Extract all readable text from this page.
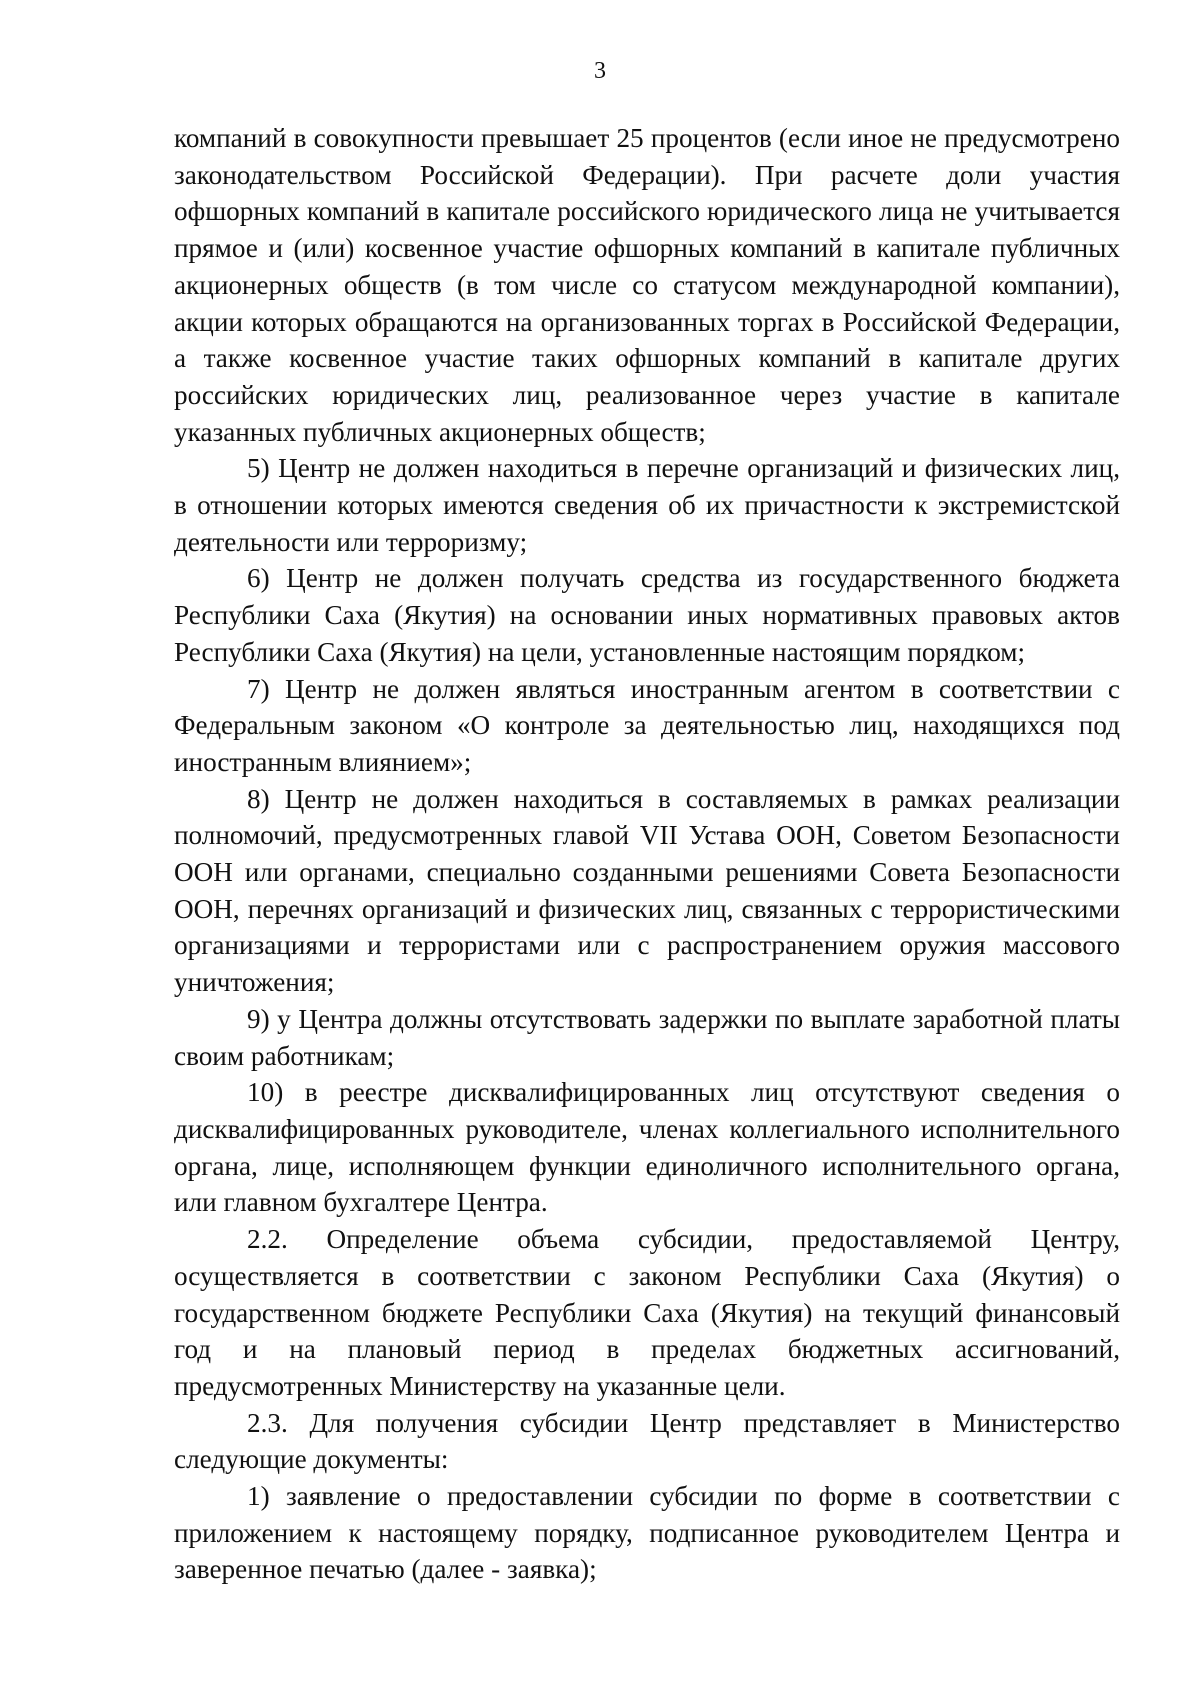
3

компаний в совокупности превышает 25 процентов (если иное не предусмотрено законодательством Российской Федерации). При расчете доли участия офшорных компаний в капитале российского юридического лица не учитывается прямое и (или) косвенное участие офшорных компаний в капитале публичных акционерных обществ (в том числе со статусом международной компании), акции которых обращаются на организованных торгах в Российской Федерации, а также косвенное участие таких офшорных компаний в капитале других российских юридических лиц, реализованное через участие в капитале указанных публичных акционерных обществ;

5) Центр не должен находиться в перечне организаций и физических лиц, в отношении которых имеются сведения об их причастности к экстремистской деятельности или терроризму;

6) Центр не должен получать средства из государственного бюджета Республики Саха (Якутия) на основании иных нормативных правовых актов Республики Саха (Якутия) на цели, установленные настоящим порядком;

7) Центр не должен являться иностранным агентом в соответствии с Федеральным законом «О контроле за деятельностью лиц, находящихся под иностранным влиянием»;

8) Центр не должен находиться в составляемых в рамках реализации полномочий, предусмотренных главой VII Устава ООН, Советом Безопасности ООН или органами, специально созданными решениями Совета Безопасности ООН, перечнях организаций и физических лиц, связанных с террористическими организациями и террористами или с распространением оружия массового уничтожения;

9) у Центра должны отсутствовать задержки по выплате заработной платы своим работникам;

10) в реестре дисквалифицированных лиц отсутствуют сведения о дисквалифицированных руководителе, членах коллегиального исполнительного органа, лице, исполняющем функции единоличного исполнительного органа, или главном бухгалтере Центра.

2.2. Определение объема субсидии, предоставляемой Центру, осуществляется в соответствии с законом Республики Саха (Якутия) о государственном бюджете Республики Саха (Якутия) на текущий финансовый год и на плановый период в пределах бюджетных ассигнований, предусмотренных Министерству на указанные цели.

2.3. Для получения субсидии Центр представляет в Министерство следующие документы:

1) заявление о предоставлении субсидии по форме в соответствии с приложением к настоящему порядку, подписанное руководителем Центра и заверенное печатью (далее - заявка);
